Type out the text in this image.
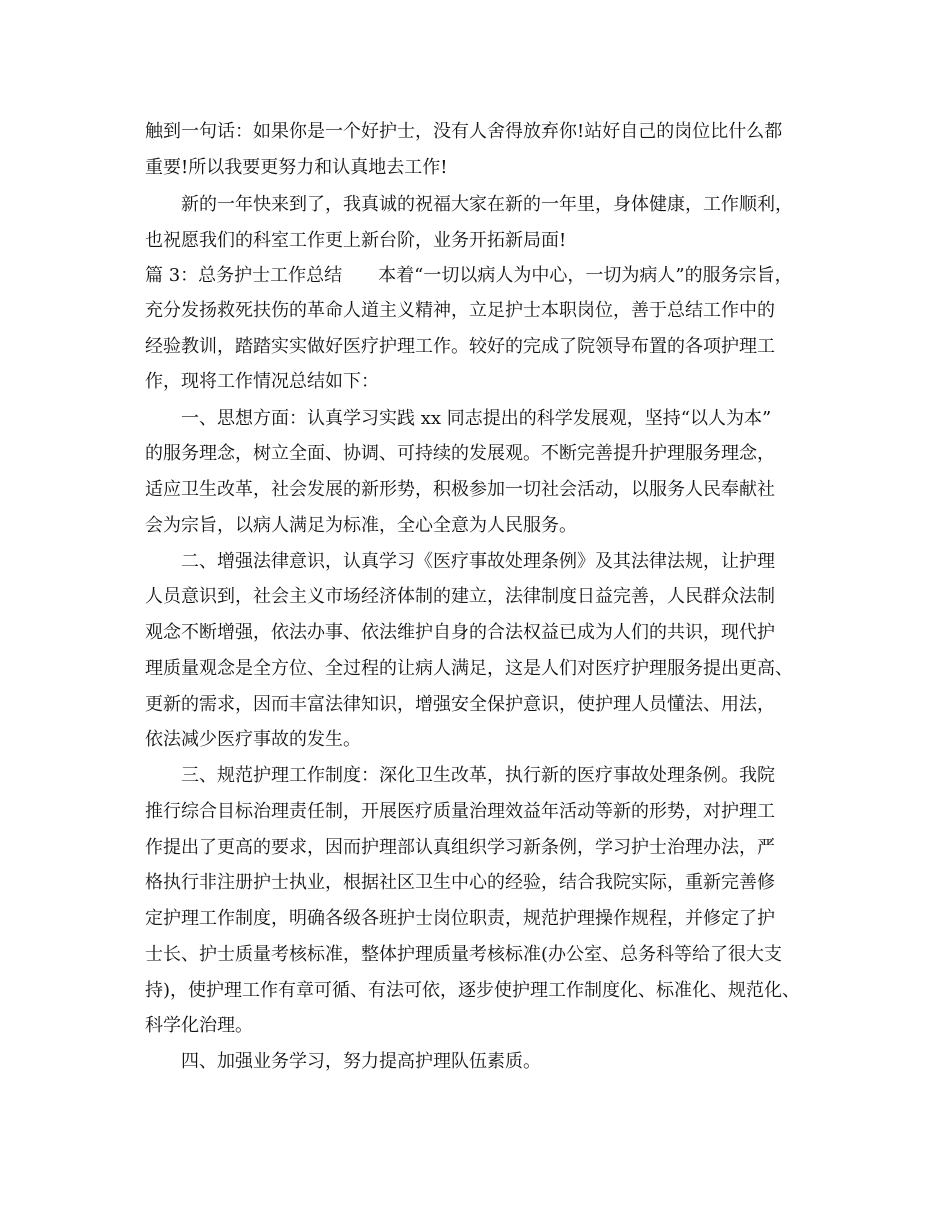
触到一句话：如果你是一个好护士，没有人舍得放弃你!站好自己的岗位比什么都
重要!所以我要更努力和认真地去工作!
新的一年快来到了，我真诚的祝福大家在新的一年里，身体健康，工作顺利，
也祝愿我们的科室工作更上新台阶，业务开拓新局面!
篇 3：总务护士工作总结　　本着“一切以病人为中心，一切为病人”的服务宗旨，
充分发扬救死扶伤的革命人道主义精神，立足护士本职岗位，善于总结工作中的
经验教训，踏踏实实做好医疗护理工作。较好的完成了院领导布置的各项护理工
作，现将工作情况总结如下：
一、思想方面：认真学习实践 xx 同志提出的科学发展观，坚持“以人为本”
的服务理念，树立全面、协调、可持续的发展观。不断完善提升护理服务理念，
适应卫生改革，社会发展的新形势，积极参加一切社会活动，以服务人民奉献社
会为宗旨，以病人满足为标准，全心全意为人民服务。
二、增强法律意识，认真学习《医疗事故处理条例》及其法律法规，让护理
人员意识到，社会主义市场经济体制的建立，法律制度日益完善，人民群众法制
观念不断增强，依法办事、依法维护自身的合法权益已成为人们的共识，现代护
理质量观念是全方位、全过程的让病人满足，这是人们对医疗护理服务提出更高、
更新的需求，因而丰富法律知识，增强安全保护意识，使护理人员懂法、用法，
依法减少医疗事故的发生。
三、规范护理工作制度：深化卫生改革，执行新的医疗事故处理条例。我院
推行综合目标治理责任制，开展医疗质量治理效益年活动等新的形势，对护理工
作提出了更高的要求，因而护理部认真组织学习新条例，学习护士治理办法，严
格执行非注册护士执业，根据社区卫生中心的经验，结合我院实际，重新完善修
定护理工作制度，明确各级各班护士岗位职责，规范护理操作规程，并修定了护
士长、护士质量考核标准，整体护理质量考核标准(办公室、总务科等给了很大支
持)，使护理工作有章可循、有法可依，逐步使护理工作制度化、标准化、规范化、
科学化治理。
四、加强业务学习，努力提高护理队伍素质。
